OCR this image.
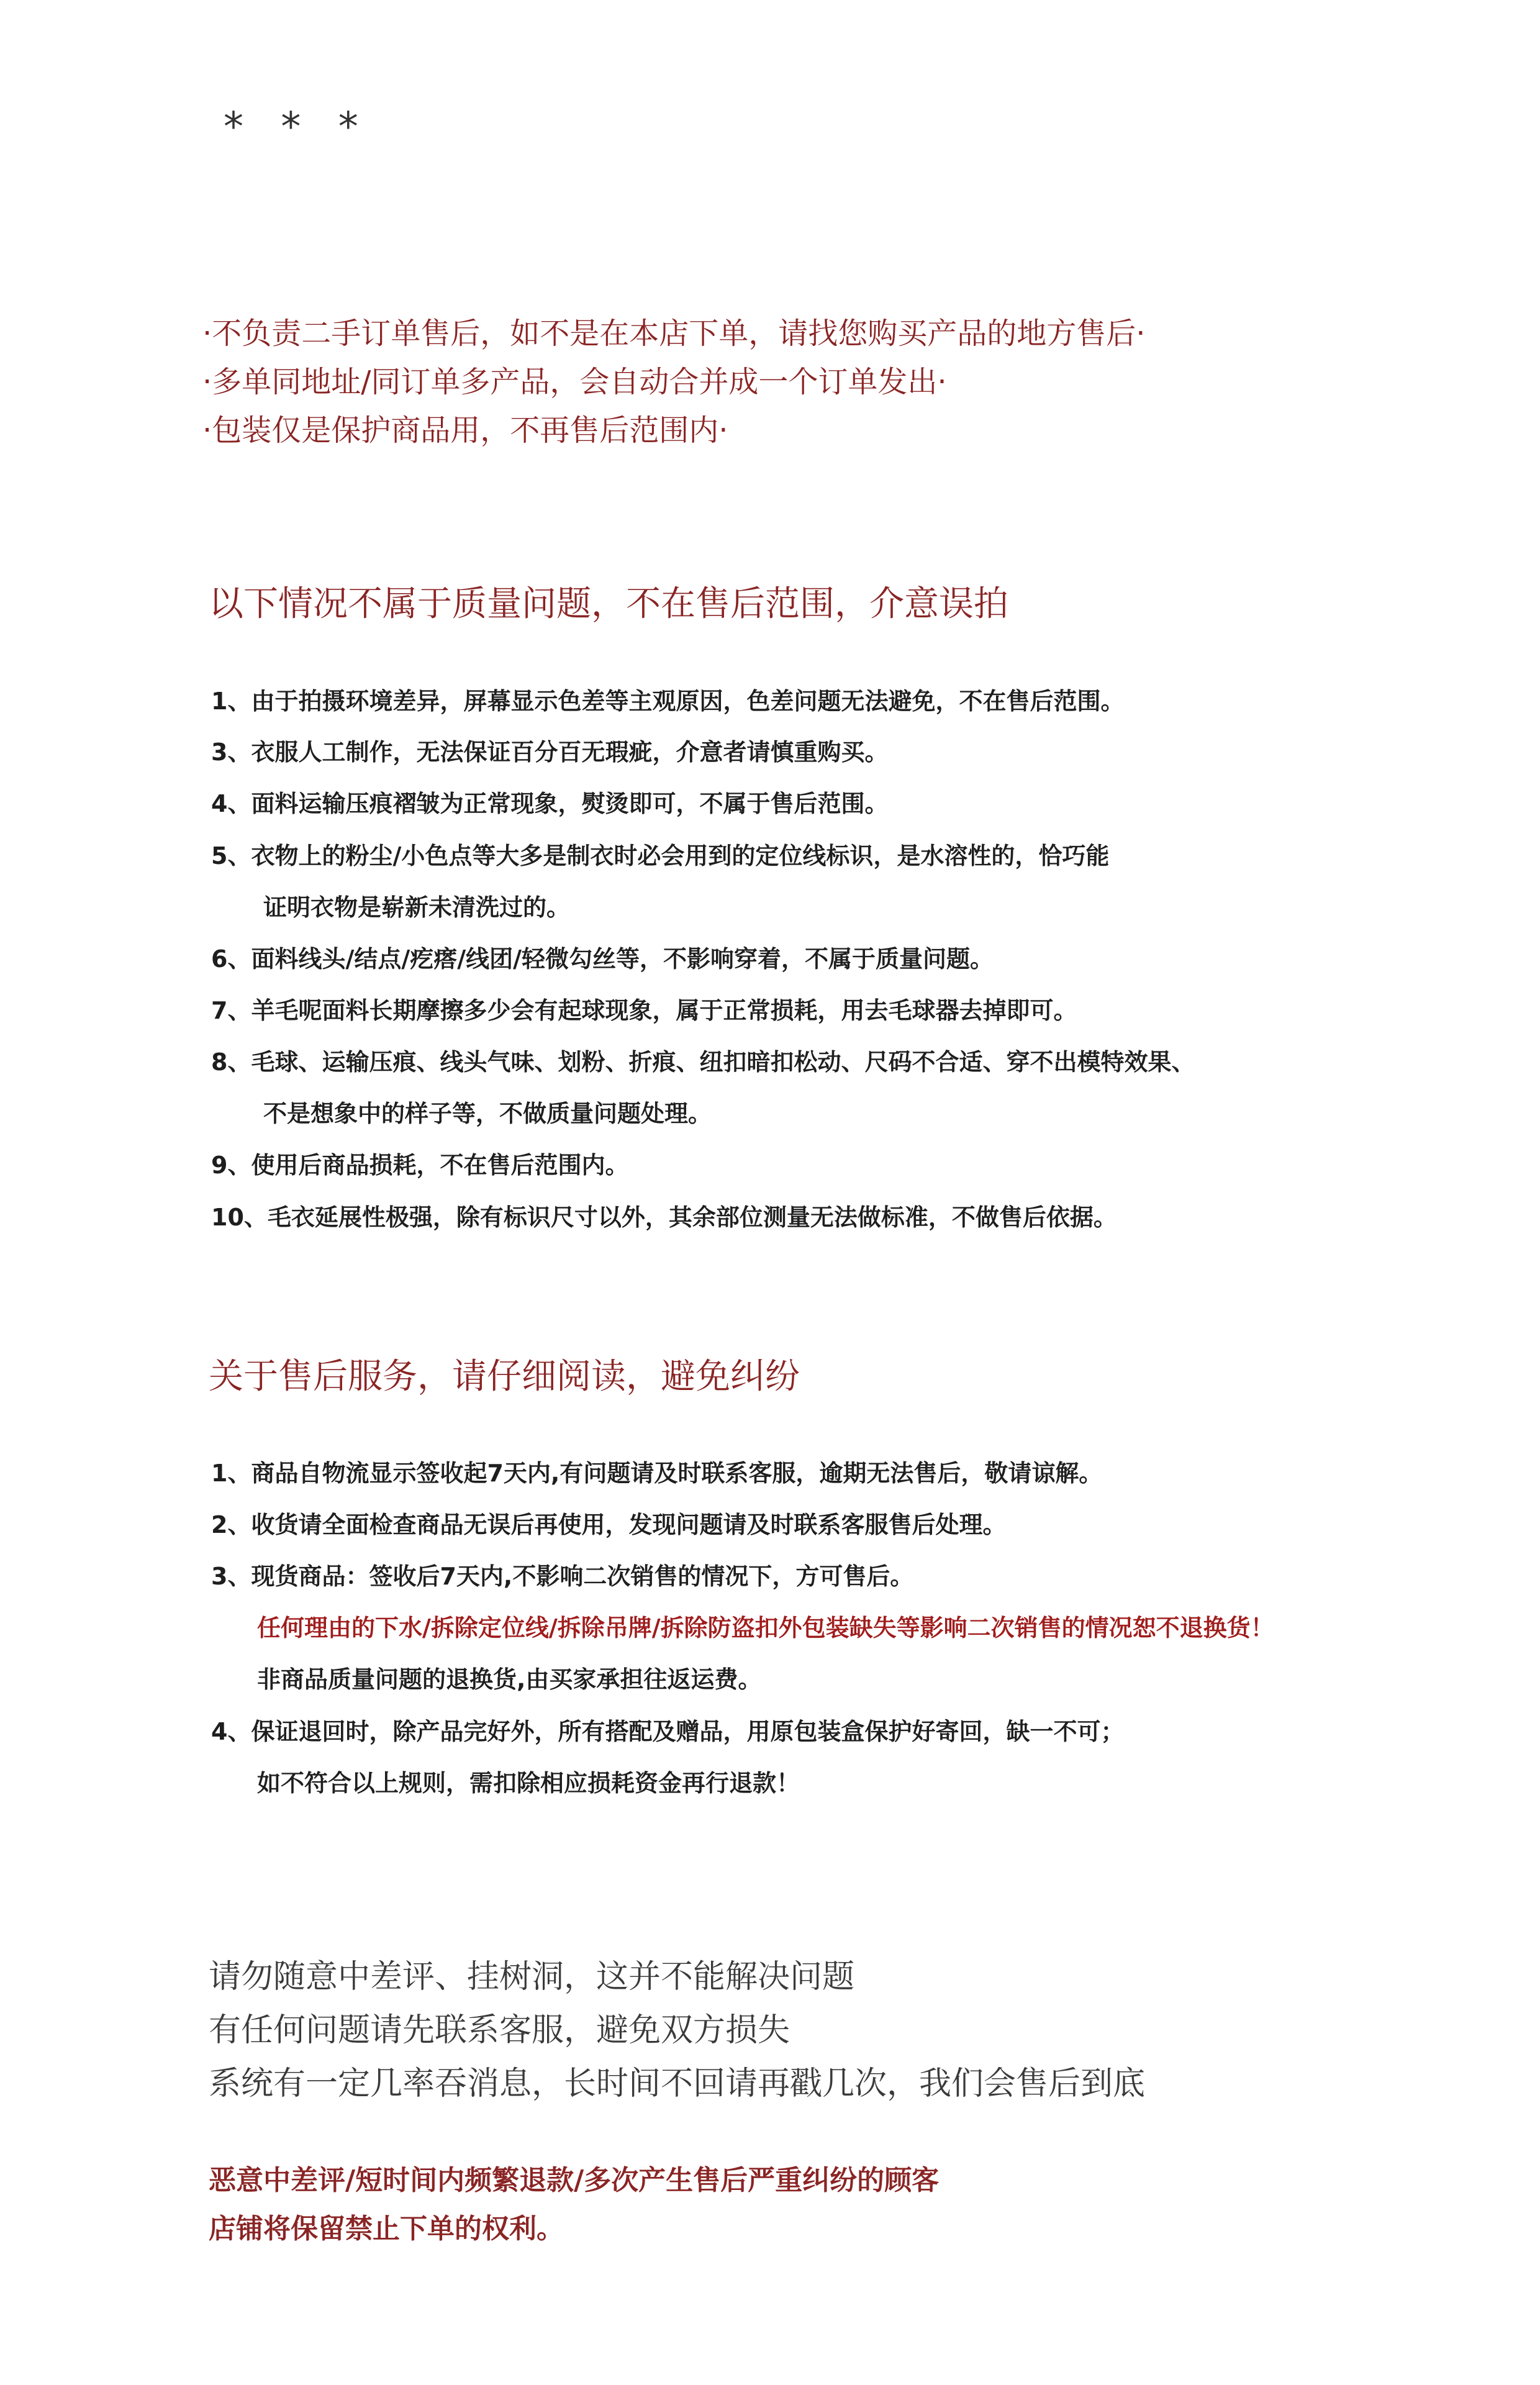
* * *
·不负责二手订单售后，如不是在本店下单，请找您购买产品的地方售后·
·多单同地址/同订单多产品，会自动合并成一个订单发出·
·包装仅是保护商品用，不再售后范围内·
以下情况不属于质量问题，不在售后范围，介意误拍
1、由于拍摄环境差异，屏幕显示色差等主观原因，色差问题无法避免，不在售后范围。
3、衣服人工制作，无法保证百分百无瑕疵，介意者请慎重购买。
4、面料运输压痕褶皱为正常现象，熨烫即可，不属于售后范围。
5、衣物上的粉尘/小色点等大多是制衣时必会用到的定位线标识，是水溶性的，恰巧能
证明衣物是崭新未清洗过的。
6、面料线头/结点/疙瘩/线团/轻微勾丝等，不影响穿着，不属于质量问题。
7、羊毛呢面料长期摩擦多少会有起球现象，属于正常损耗，用去毛球器去掉即可。
8、毛球、运输压痕、线头气味、划粉、折痕、纽扣暗扣松动、尺码不合适、穿不出模特效果、
不是想象中的样子等，不做质量问题处理。
9、使用后商品损耗，不在售后范围内。
10、毛衣延展性极强，除有标识尺寸以外，其余部位测量无法做标准，不做售后依据。
关于售后服务，请仔细阅读，避免纠纷
1、商品自物流显示签收起7天内,有问题请及时联系客服，逾期无法售后，敬请谅解。
2、收货请全面检查商品无误后再使用，发现问题请及时联系客服售后处理。
3、现货商品：签收后7天内,不影响二次销售的情况下，方可售后。
任何理由的下水/拆除定位线/拆除吊牌/拆除防盗扣外包装缺失等影响二次销售的情况恕不退换货！
非商品质量问题的退换货,由买家承担往返运费。
4、保证退回时，除产品完好外，所有搭配及赠品，用原包装盒保护好寄回，缺一不可；
如不符合以上规则，需扣除相应损耗资金再行退款！
请勿随意中差评、挂树洞，这并不能解决问题
有任何问题请先联系客服，避免双方损失
系统有一定几率吞消息，长时间不回请再戳几次，我们会售后到底
恶意中差评/短时间内频繁退款/多次产生售后严重纠纷的顾客
店铺将保留禁止下单的权利。
